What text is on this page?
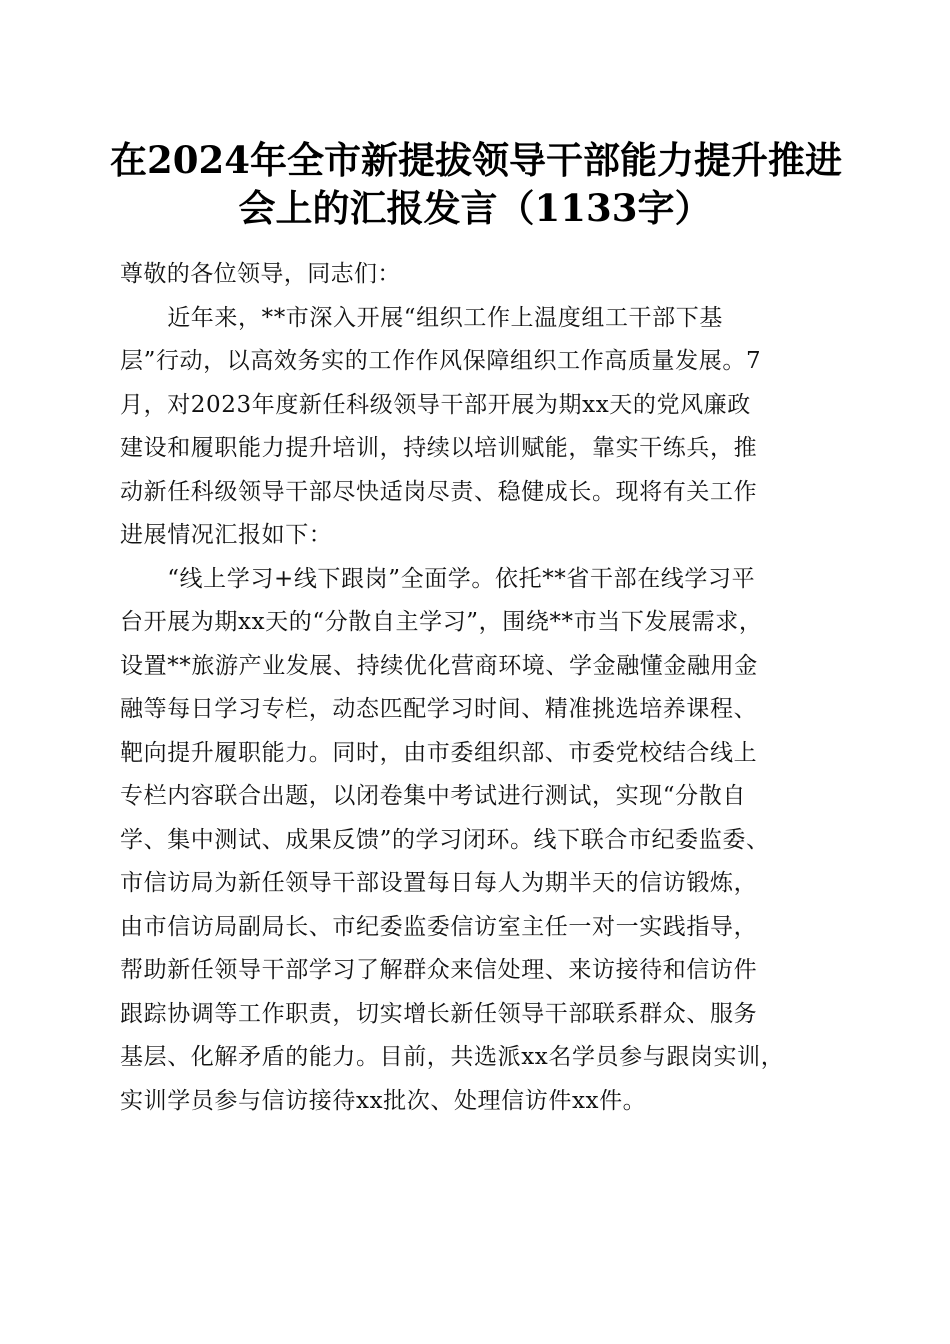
在2024年全市新提拔领导干部能力提升推进
会上的汇报发言（1133字）
尊敬的各位领导，同志们：
　　近年来，**市深入开展“组织工作上温度组工干部下基
层”行动，以高效务实的工作作风保障组织工作高质量发展。7
月，对2023年度新任科级领导干部开展为期xx天的党风廉政
建设和履职能力提升培训，持续以培训赋能，靠实干练兵，推
动新任科级领导干部尽快适岗尽责、稳健成长。现将有关工作
进展情况汇报如下：
　　“线上学习+线下跟岗”全面学。依托**省干部在线学习平
台开展为期xx天的“分散自主学习”，围绕**市当下发展需求，
设置**旅游产业发展、持续优化营商环境、学金融懂金融用金
融等每日学习专栏，动态匹配学习时间、精准挑选培养课程、
靶向提升履职能力。同时，由市委组织部、市委党校结合线上
专栏内容联合出题，以闭卷集中考试进行测试，实现“分散自
学、集中测试、成果反馈”的学习闭环。线下联合市纪委监委、
市信访局为新任领导干部设置每日每人为期半天的信访锻炼，
由市信访局副局长、市纪委监委信访室主任一对一实践指导，
帮助新任领导干部学习了解群众来信处理、来访接待和信访件
跟踪协调等工作职责，切实增长新任领导干部联系群众、服务
基层、化解矛盾的能力。目前，共选派xx名学员参与跟岗实训，
实训学员参与信访接待xx批次、处理信访件xx件。
